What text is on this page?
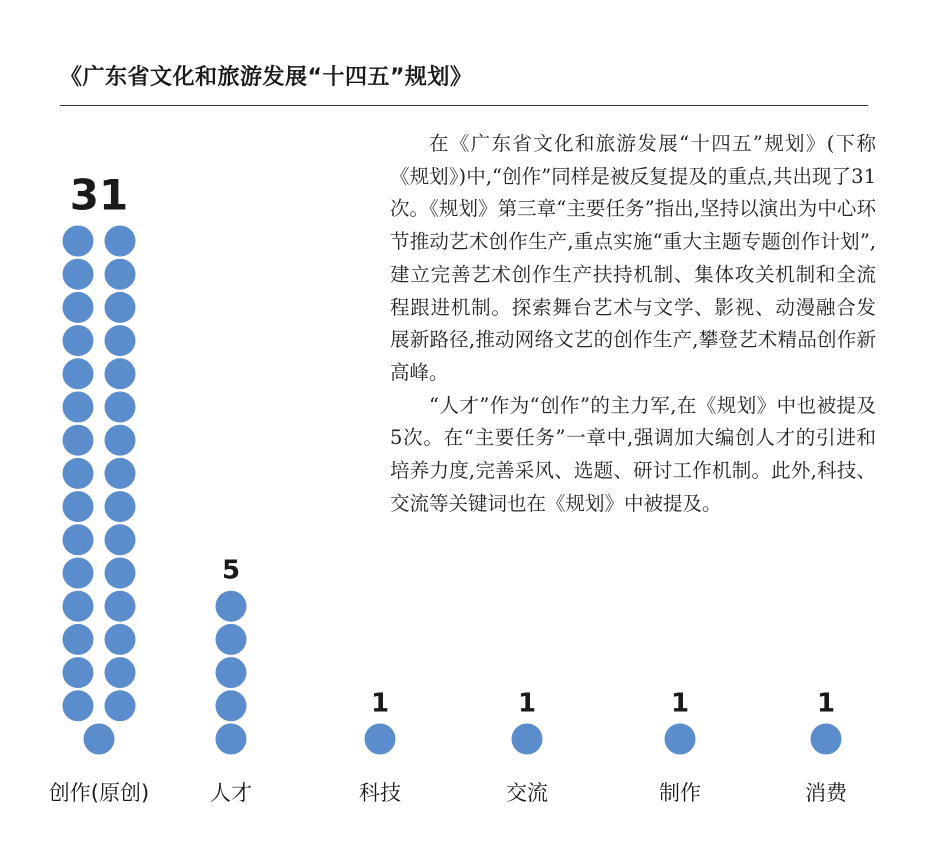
《广东省文化和旅游发展“十四五”规划》

在《广东省文化和旅游发展“十四五”规划》(下称《规划》)中,“创作”同样是被反复提及的重点,共出现了31次。《规划》第三章“主要任务”指出,坚持以演出为中心环节推动艺术创作生产,重点实施“重大主题专题创作计划”,建立完善艺术创作生产扶持机制、集体攻关机制和全流程跟进机制。探索舞台艺术与文学、影视、动漫融合发展新路径,推动网络文艺的创作生产,攀登艺术精品创作新高峰。

“人才”作为“创作”的主力军,在《规划》中也被提及5次。在“主要任务”一章中,强调加大编创人才的引进和培养力度,完善采风、选题、研讨工作机制。此外,科技、交流等关键词也在《规划》中被提及。

31
创作(原创)
5
人才
1
科技
1
交流
1
制作
1
消费
